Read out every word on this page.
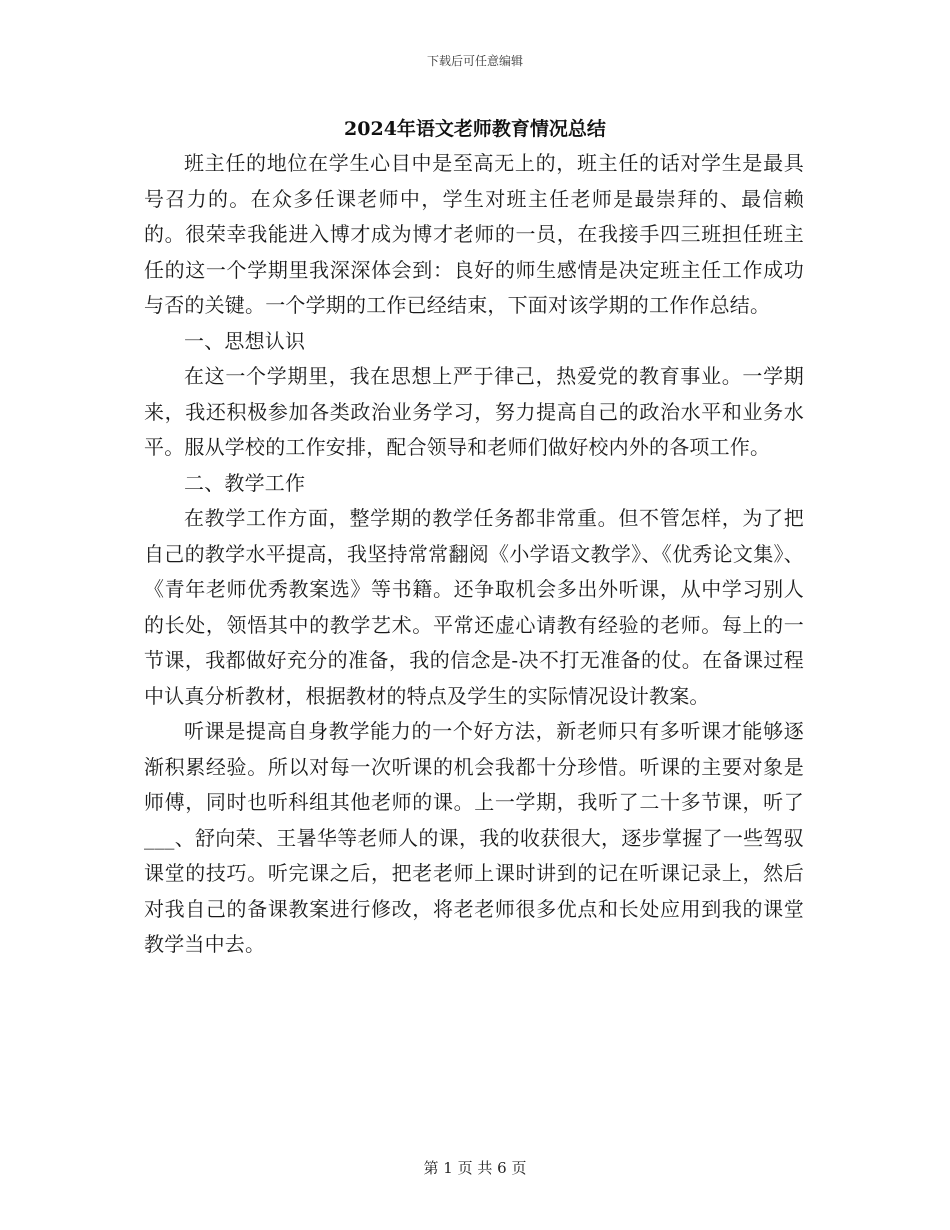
下载后可任意编辑
2024年语文老师教育情况总结

班主任的地位在学生心目中是至高无上的，班主任的话对学生是最具号召力的。在众多任课老师中，学生对班主任老师是最崇拜的、最信赖的。很荣幸我能进入博才成为博才老师的一员，在我接手四三班担任班主任的这一个学期里我深深体会到：良好的师生感情是决定班主任工作成功与否的关键。一个学期的工作已经结束，下面对该学期的工作作总结。

一、思想认识

在这一个学期里，我在思想上严于律己，热爱党的教育事业。一学期来，我还积极参加各类政治业务学习，努力提高自己的政治水平和业务水平。服从学校的工作安排，配合领导和老师们做好校内外的各项工作。

二、教学工作

在教学工作方面，整学期的教学任务都非常重。但不管怎样，为了把自己的教学水平提高，我坚持常常翻阅《小学语文教学》、《优秀论文集》、《青年老师优秀教案选》等书籍。还争取机会多出外听课，从中学习别人的长处，领悟其中的教学艺术。平常还虚心请教有经验的老师。每上的一节课，我都做好充分的准备，我的信念是-决不打无准备的仗。在备课过程中认真分析教材，根据教材的特点及学生的实际情况设计教案。

听课是提高自身教学能力的一个好方法，新老师只有多听课才能够逐渐积累经验。所以对每一次听课的机会我都十分珍惜。听课的主要对象是师傅，同时也听科组其他老师的课。上一学期，我听了二十多节课，听了___、舒向荣、王暑华等老师人的课，我的收获很大，逐步掌握了一些驾驭课堂的技巧。听完课之后，把老老师上课时讲到的记在听课记录上，然后对我自己的备课教案进行修改，将老老师很多优点和长处应用到我的课堂教学当中去。

第 1 页 共 6 页
